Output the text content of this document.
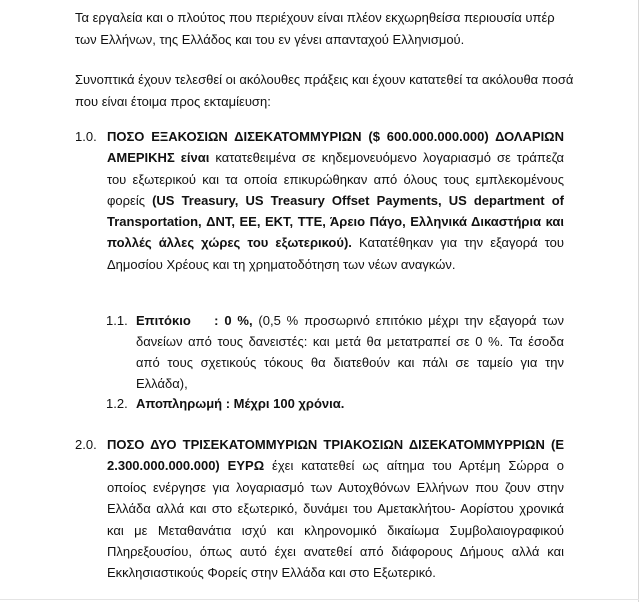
Τα εργαλεία και ο πλούτος που περιέχουν είναι πλέον εκχωρηθείσα περιουσία υπέρ των Ελλήνων, της Ελλάδος και του εν γένει απανταχού Ελληνισμού.

Συνοπτικά έχουν τελεσθεί οι ακόλουθες πράξεις και έχουν κατατεθεί τα ακόλουθα ποσά που είναι έτοιμα προς εκταμίευση:

1.0. ΠΟΣΟ ΕΞΑΚΟΣΙΩΝ ΔΙΣΕΚΑΤΟΜΜΥΡΙΩΝ ($ 600.000.000.000) ΔΟΛΑΡΙΩΝ ΑΜΕΡΙΚΗΣ είναι κατατεθειμένα σε κηδεμονευόμενο λογαριασμό σε τράπεζα του εξωτερικού και τα οποία επικυρώθηκαν από όλους τους εμπλεκομένους φορείς (US Treasury, US Treasury Offset Payments, US department of Transportation, ΔΝΤ, ΕΕ, ΕΚΤ, ΤΤΕ, Άρειο Πάγο, Ελληνικά Δικαστήρια και πολλές άλλες χώρες του εξωτερικού). Κατατέθηκαν για την εξαγορά του Δημοσίου Χρέους και τη χρηματοδότηση των νέων αναγκών.

1.1. Επιτόκιο    : 0 %, (0,5 % προσωρινό επιτόκιο μέχρι την εξαγορά των δανείων από τους δανειστές: και μετά θα μετατραπεί σε 0 %. Τα έσοδα από τους σχετικούς τόκους θα διατεθούν και πάλι σε ταμείο για την Ελλάδα),

1.2. Αποπληρωμή : Μέχρι 100 χρόνια.

2.0. ΠΟΣΟ ΔΥΟ ΤΡΙΣΕΚΑΤΟΜΜΥΡΙΩΝ ΤΡΙΑΚΟΣΙΩΝ ΔΙΣΕΚΑΤΟΜΜΥΡΡΙΩΝ (Ε 2.300.000.000.000) ΕΥΡΩ έχει κατατεθεί ως αίτημα του Αρτέμη Σώρρα ο οποίος ενέργησε για λογαριασμό των Αυτοχθόνων Ελλήνων που ζουν στην Ελλάδα αλλά και στο εξωτερικό, δυνάμει του Αμετακλήτου- Αορίστου χρονικά και με Μεταθανάτια ισχύ και κληρονομικό δικαίωμα Συμβολαιογραφικού Πληρεξουσίου, όπως αυτό έχει ανατεθεί από διάφορους Δήμους αλλά και Εκκλησιαστικούς Φορείς στην Ελλάδα και στο Εξωτερικό.
